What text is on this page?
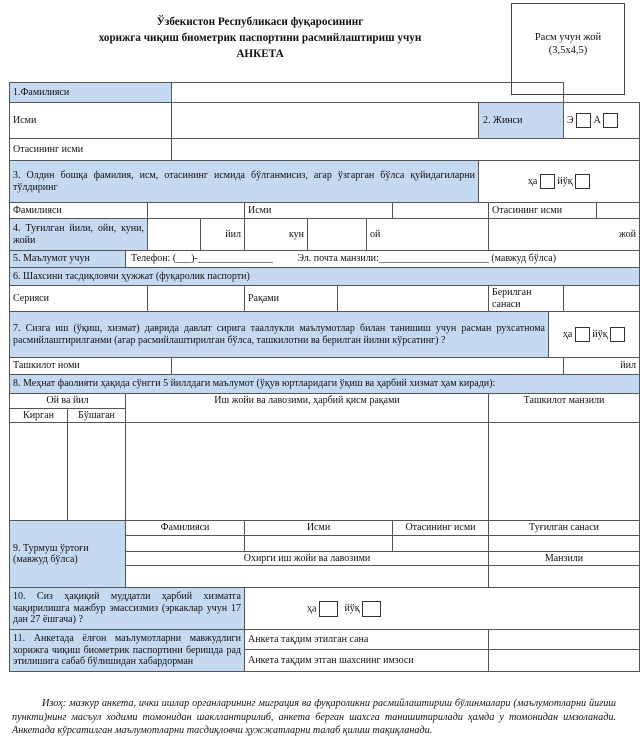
Ўзбекистон Республикаси фуқаросининг
хорижга чиқиш биометрик паспортини расмийлаштириш учун
АНКЕТА
Расм учун жой
(3,5х4,5)
1.Фамилияси															
Исми											2. Жинси			Э А	
Отасининг исми															
3. Олдин бошқа фамилия, исм, отасининг исмида бўлганмисиз, агар ўзгарган бўлса қуйидагиларни тўлдиринг											ҳа йўқ				
Фамилияси						Исми						Отасининг исми			
4. Туғилган йили, ойи, куни, жойи					йил	кун			ой			жой			
5. Маълумот учун		Телефон: (___)-_______________ Эл. почта манзили:______________________ (мавжуд бўлса)													
6. Шахсини тасдиқловчи ҳужжат (фуқаролик паспорти)															
Серияси						Рақами						Берилган санаси			
7. Сизга иш (ўқиш, хизмат) даврида давлат сирига тааллукли маълумотлар билан танишиш учун расман рухсатнома расмийлаштирилганми (агар расмийлаштирилган бўлса, ташкилотни ва берилган йилни кўрсатинг) ?													ҳа йўқ		
Ташкилот номи														йил	
8. Меҳнат фаолияти ҳақида сўнгги 5 йиллдаги маълумот (ўқув юртларидаги ўқиш ва ҳарбий хизмат ҳам киради):															
Ой ва йил		Иш жойи ва лавозими, ҳарбий қисм рақами										Ташкилот манзили			
Кирган	Бўшаган														

9. Турмуш ўртоғи (мавжуд бўлса)		Фамилияси				Исми				Отасининг исми		Туғилган санаси			

		Охирги иш жойи ва лавозими										Манзили			

10. Сиз ҳақиқий муддатли ҳарбий хизматга чақирилишга мажбур эмассизмиз (эркаклар учун 17 дан 27 ёшгача) ?						ҳа йўқ									
11. Анкетада ёлғон маълумотларни мавжудлиги хорижга чиқиш биометрик паспортини беришда рад этилишига сабаб бўлишидан хабардорман						Анкета тақдим этилган сана									
						Анкета тақдим этган шахснинг имзоси									
Изоҳ: мазкур анкета, ички ишлар органларининг миграция ва фуқароликни расмийлаштириш бўлинмалари (маълумотларни йиғиш пункти)нинг масъул ходими томонидан шакллантирилиб, анкета берган шахсга танишитирилади ҳамда у томонидан имзоланади. Анкетада кўрсатилган маълумотларни тасдиқловчи ҳужжатларни талаб қилиш тақиқланади.
